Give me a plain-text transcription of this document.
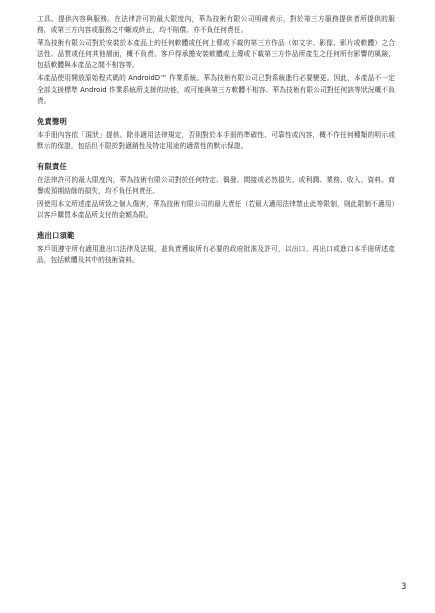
工具、提供內容與服務。在法律許可的最大限度內，華為技術有限公司明確表示，對於第三方服務提供者所提供的服務，或第三方內容或服務之中斷或終止，均不賠償、亦不負任何責任。

華為技術有限公司對於安裝於本產品上的任何軟體或任何上傳或下載的第三方作品（如文字、影像、影片或軟體）之合法性、品質或任何其他層面，概不負責。客戶得承擔安裝軟體或上傳或下載第三方作品所產生之任何所有影響的風險，包括軟體與本產品之間不相容等。

本產品使用開放原始程式碼的 AndroidD™ 作業系統。華為技術有限公司已對系統進行必要變更。因此，本產品不一定全部支援標準 Android 作業系統所支援的功能，或可能與第三方軟體不相容。華為技術有限公司對任何該等狀況概不負責。

免責聲明

本手冊內容依「現狀」提供。除非適用法律規定，否則對於本手冊的準確性、可靠性或內容，概不作任何種類的明示或默示的保證，包括但不限於對適銷性及特定用途的適當性的默示保證。

有限責任

在法律許可的最大限度內，華為技術有限公司對於任何特定、偶發、間接或必然損失、或利潤、業務、收入、資料、商譽或預期結餘的損失，均不負任何責任。

因使用本文所述產品所致之個人傷害，華為技術有限公司的最大責任（若最大適用法律禁止此等限制，則此限制不適用）以客戶購買本產品所支付的金額為限。

進出口須範

客戶須遵守所有適用進出口法律及法規，並負責獲取所有必要的政府批准及許可，以出口、再出口或進口本手冊所述產品，包括軟體及其中的技術資料。

3
